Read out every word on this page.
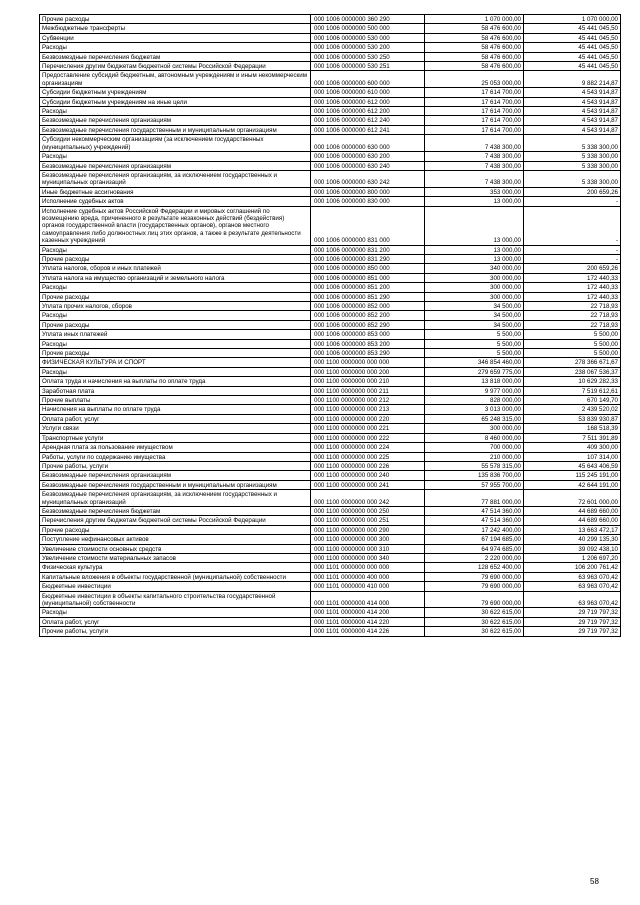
Прочие расходы	000 1006 0000000 360 290	1 070 000,00	1 070 000,00
Межбюджетные трансферты	000 1006 0000000 500 000	58 476 600,00	45 441 045,50
Субвенции	000 1006 0000000 530 000	58 476 600,00	45 441 045,50
Расходы	000 1006 0000000 530 200	58 476 600,00	45 441 045,50
Безвозмездные перечисления бюджетам	000 1006 0000000 530 250	58 476 600,00	45 441 045,50
Перечисления другим бюджетам бюджетной системы Российской Федерации	000 1006 0000000 530 251	58 476 600,00	45 441 045,50
Предоставление субсидий бюджетным, автономным учреждениям и иным некоммерческим организациям	000 1006 0000000 600 000	25 053 000,00	9 882 214,87
Субсидии бюджетным учреждениям	000 1006 0000000 610 000	17 614 700,00	4 543 914,87
Субсидии бюджетным учреждениям на иные цели	000 1006 0000000 612 000	17 614 700,00	4 543 914,87
Расходы	000 1006 0000000 612 200	17 614 700,00	4 543 914,87
Безвозмездные перечисления организациям	000 1006 0000000 612 240	17 614 700,00	4 543 914,87
Безвозмездные перечисления государственным и муниципальным организациям	000 1006 0000000 612 241	17 614 700,00	4 543 914,87
Субсидии некоммерческим организациям (за исключением государственных (муниципальных) учреждений)	000 1006 0000000 630 000	7 438 300,00	5 338 300,00
Расходы	000 1006 0000000 630 200	7 438 300,00	5 338 300,00
Безвозмездные перечисления организациям	000 1006 0000000 630 240	7 438 300,00	5 338 300,00
Безвозмездные перечисления организациям, за исключением государственных и муниципальных организаций	000 1006 0000000 630 242	7 438 300,00	5 338 300,00
Иные бюджетные ассигнования	000 1006 0000000 800 000	353 000,00	200 659,26
Исполнение судебных актов	000 1006 0000000 830 000	13 000,00	-
Исполнение судебных актов Российской Федерации и мировых соглашений по возмещению вреда, причиненного в результате незаконных действий (бездействия) органов государственной власти (государственных органов), органов местного самоуправления либо должностных лиц этих органов, а также в результате деятельности казенных учреждений	000 1006 0000000 831 000	13 000,00	-
Расходы	000 1006 0000000 831 200	13 000,00	-
Прочие расходы	000 1006 0000000 831 290	13 000,00	-
Уплата налогов, сборов и иных платежей	000 1006 0000000 850 000	340 000,00	200 659,26
Уплата налога на имущество организаций и земельного налога	000 1006 0000000 851 000	300 000,00	172 440,33
Расходы	000 1006 0000000 851 200	300 000,00	172 440,33
Прочие расходы	000 1006 0000000 851 290	300 000,00	172 440,33
Уплата прочих налогов, сборов	000 1006 0000000 852 000	34 500,00	22 718,93
Расходы	000 1006 0000000 852 200	34 500,00	22 718,93
Прочие расходы	000 1006 0000000 852 290	34 500,00	22 718,93
Уплата иных платежей	000 1006 0000000 853 000	5 500,00	5 500,00
Расходы	000 1006 0000000 853 200	5 500,00	5 500,00
Прочие расходы	000 1006 0000000 853 290	5 500,00	5 500,00
ФИЗИЧЕСКАЯ КУЛЬТУРА И СПОРТ	000 1100 0000000 000 000	346 854 460,00	278 366 671,67
Расходы	000 1100 0000000 000 200	279 659 775,00	238 067 536,37
Оплата труда и начисления на выплаты по оплате труда	000 1100 0000000 000 210	13 818 000,00	10 629 282,33
Заработная плата	000 1100 0000000 000 211	9 977 000,00	7 519 612,61
Прочие выплаты	000 1100 0000000 000 212	828 000,00	670 149,70
Начисления на выплаты по оплате труда	000 1100 0000000 000 213	3 013 000,00	2 439 520,02
Оплата работ, услуг	000 1100 0000000 000 220	65 248 315,00	53 839 930,87
Услуги связи	000 1100 0000000 000 221	300 000,00	168 518,39
Транспортные услуги	000 1100 0000000 000 222	8 460 000,00	7 511 391,89
Арендная плата за пользование имуществом	000 1100 0000000 000 224	700 000,00	409 300,00
Работы, услуги по содержанию имущества	000 1100 0000000 000 225	210 000,00	107 314,00
Прочие работы, услуги	000 1100 0000000 000 226	55 578 315,00	45 643 406,59
Безвозмездные перечисления организациям	000 1100 0000000 000 240	135 836 700,00	115 245 191,00
Безвозмездные перечисления государственным и муниципальным организациям	000 1100 0000000 000 241	57 955 700,00	42 644 191,00
Безвозмездные перечисления организациям, за исключением государственных и муниципальных организаций	000 1100 0000000 000 242	77 881 000,00	72 601 000,00
Безвозмездные перечисления бюджетам	000 1100 0000000 000 250	47 514 360,00	44 689 660,00
Перечисления другим бюджетам бюджетной системы Российской Федерации	000 1100 0000000 000 251	47 514 360,00	44 689 660,00
Прочие расходы	000 1100 0000000 000 290	17 242 400,00	13 663 472,17
Поступление нефинансовых активов	000 1100 0000000 000 300	67 194 685,00	40 299 135,30
Увеличение стоимости основных средств	000 1100 0000000 000 310	64 974 685,00	39 092 438,10
Увеличение стоимости материальных запасов	000 1100 0000000 000 340	2 220 000,00	1 206 697,20
Физическая культура	000 1101 0000000 000 000	128 652 400,00	106 200 761,42
Капитальные вложения в объекты государственной (муниципальной) собственности	000 1101 0000000 400 000	79 690 000,00	63 963 070,42
Бюджетные инвестиции	000 1101 0000000 410 000	79 690 000,00	63 963 070,42
Бюджетные инвестиции в объекты капитального строительства государственной (муниципальной) собственности	000 1101 0000000 414 000	79 690 000,00	63 963 070,42
Расходы	000 1101 0000000 414 200	30 622 615,00	29 719 797,32
Оплата работ, услуг	000 1101 0000000 414 220	30 622 615,00	29 719 797,32
Прочие работы, услуги	000 1101 0000000 414 226	30 622 615,00	29 719 797,32
58
